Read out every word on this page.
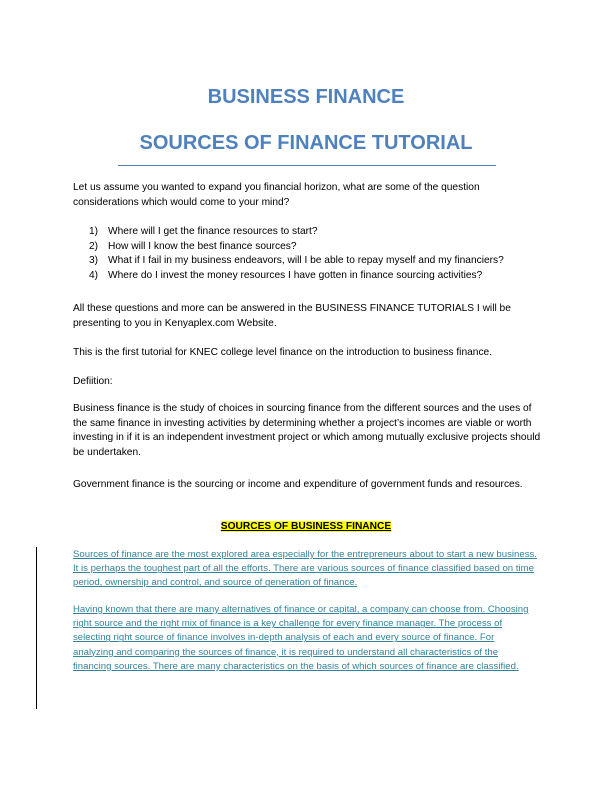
BUSINESS FINANCE
SOURCES OF FINANCE TUTORIAL

Let us assume you wanted to expand you financial horizon, what are some of the question considerations which would come to your mind?

1) Where will I get the finance resources to start?
2) How will I know the best finance sources?
3) What if I fail in my business endeavors, will I be able to repay myself and my financiers?
4) Where do I invest the money resources I have gotten in finance sourcing activities?

All these questions and more can be answered in the BUSINESS FINANCE TUTORIALS I will be presenting to you in Kenyaplex.com Website.

This is the first tutorial for KNEC college level finance on the introduction to business finance.

Defiition:

Business finance is the study of choices in sourcing finance from the different sources and the uses of the same finance in investing activities by determining whether a project’s incomes are viable or worth investing in if it is an independent investment project or which among mutually exclusive projects should be undertaken.

Government finance is the sourcing or income and expenditure of government funds and resources.

SOURCES OF BUSINESS FINANCE

Sources of finance are the most explored area especially for the entrepreneurs about to start a new business. It is perhaps the toughest part of all the efforts. There are various sources of finance classified based on time period, ownership and control, and source of generation of finance.

Having known that there are many alternatives of finance or capital, a company can choose from. Choosing right source and the right mix of finance is a key challenge for every finance manager. The process of selecting right source of finance involves in-depth analysis of each and every source of finance. For analyzing and comparing the sources of finance, it is required to understand all characteristics of the financing sources. There are many characteristics on the basis of which sources of finance are classified.
